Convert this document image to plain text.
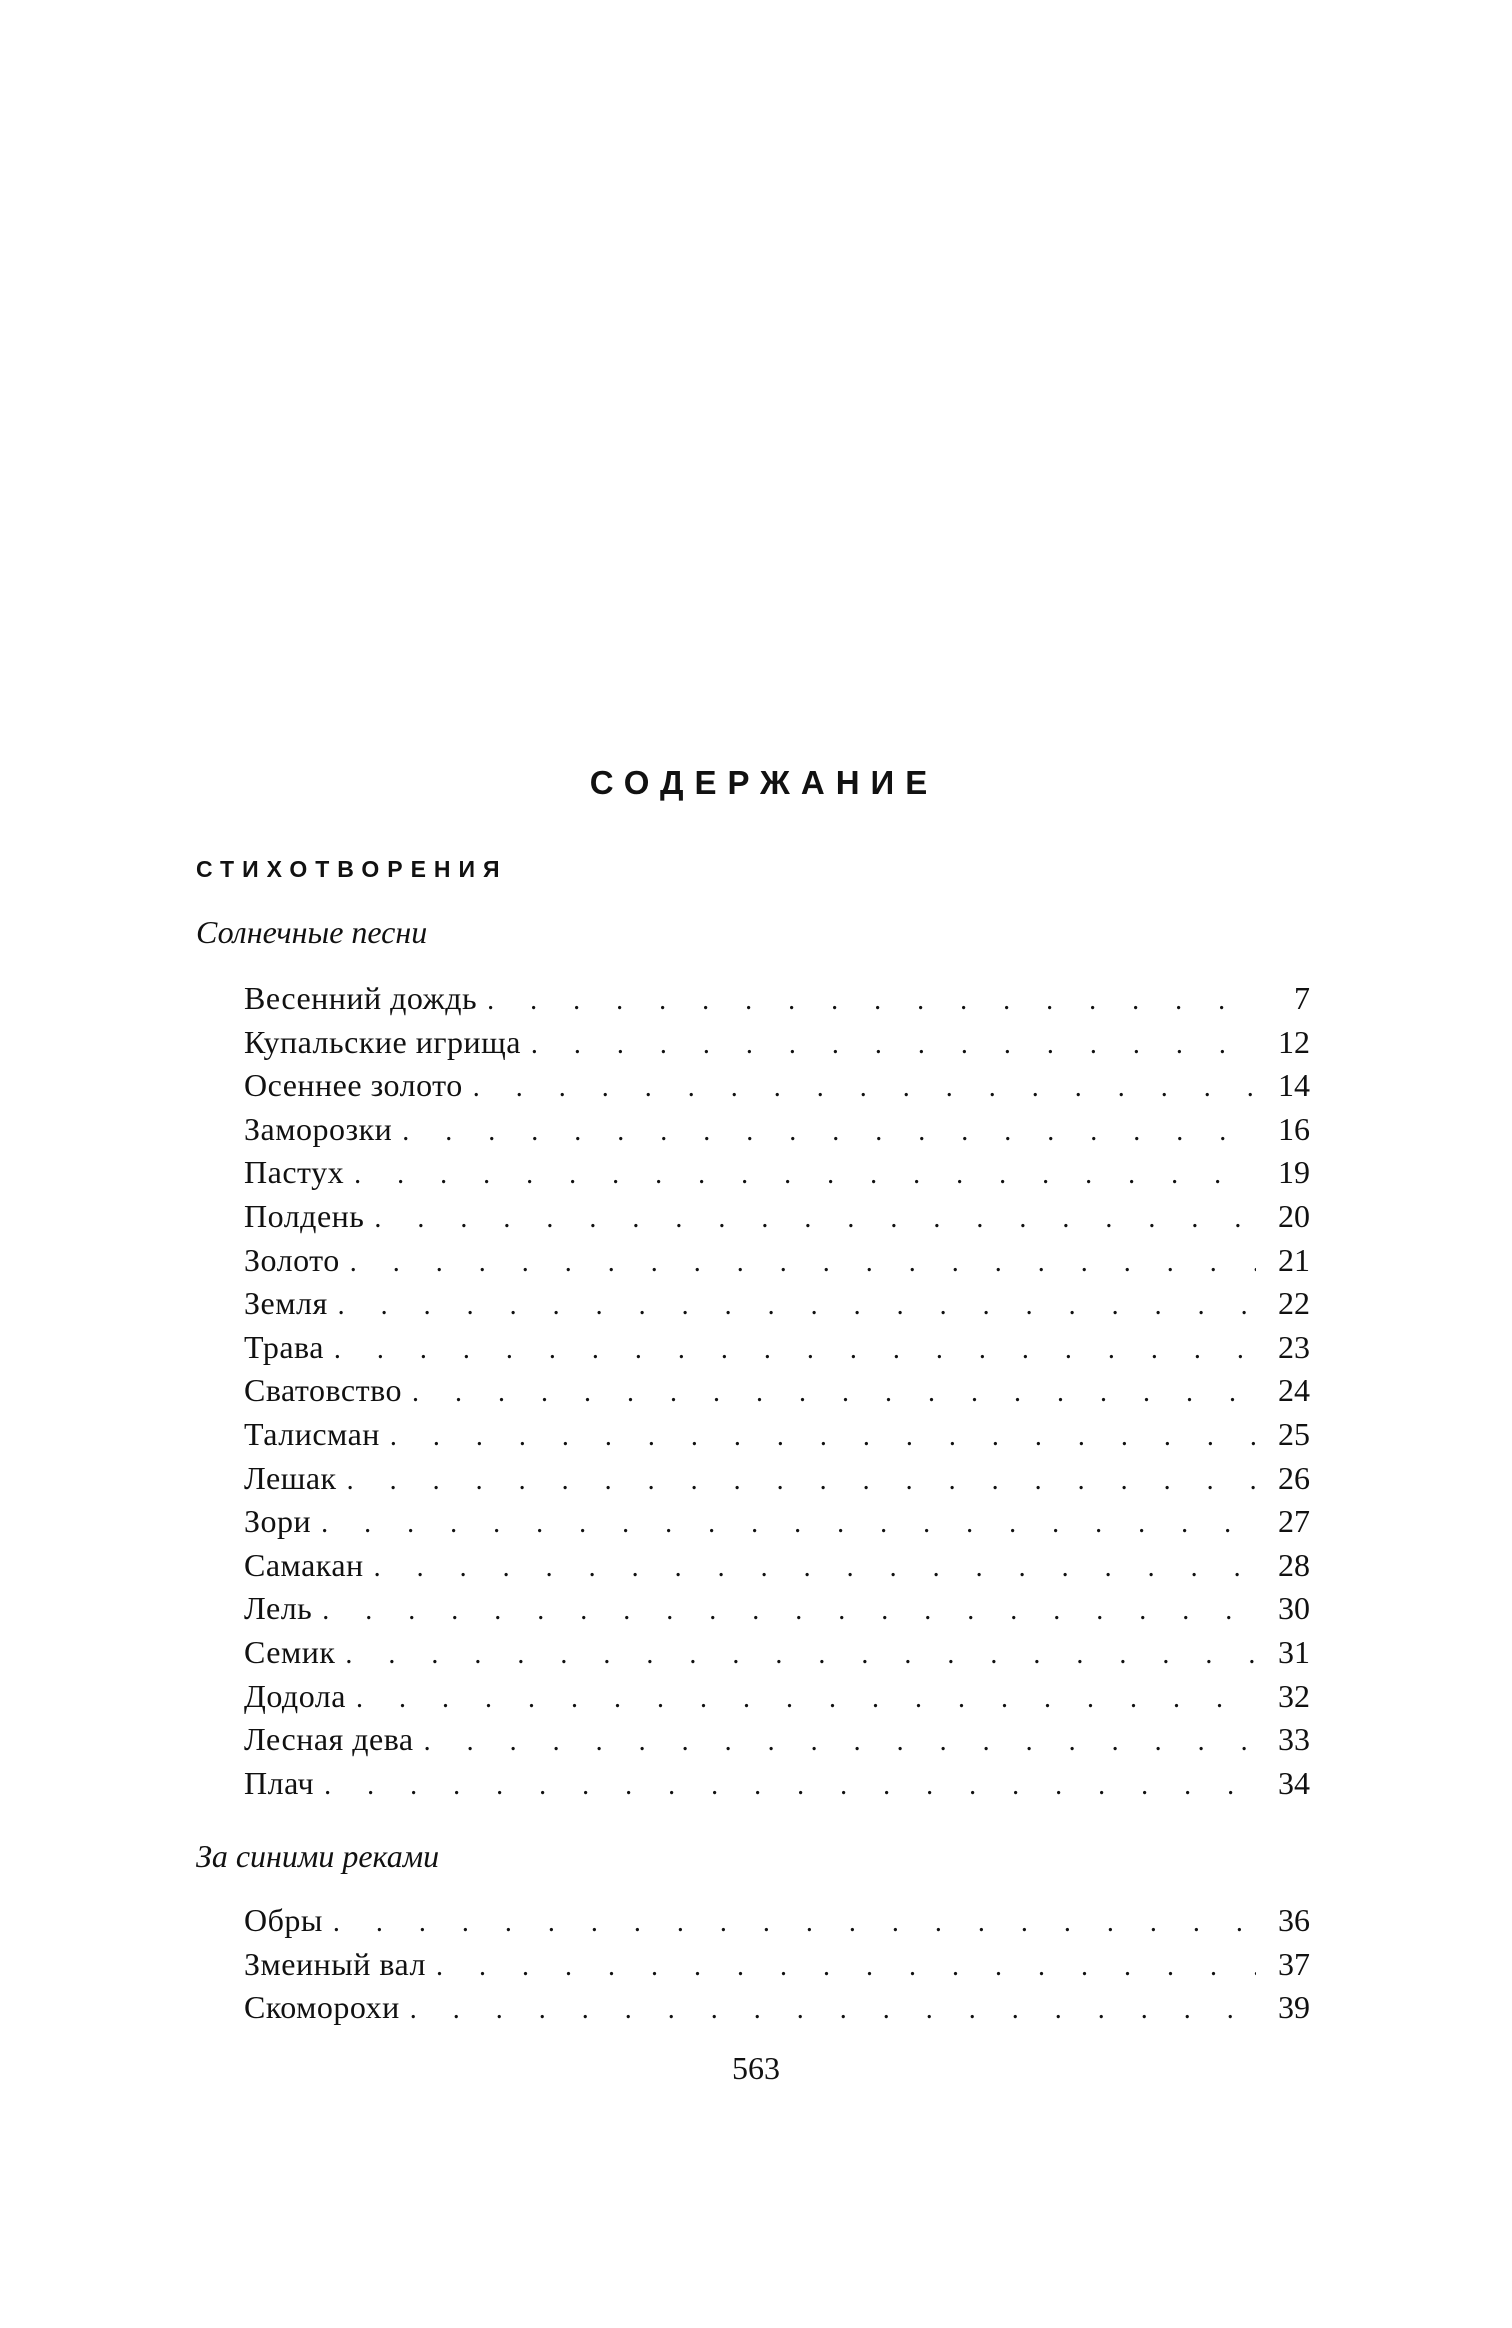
СОДЕРЖАНИЕ
СТИХОТВОРЕНИЯ
Солнечные песни
Весенний дождь . . .	7
Купальские игрища . . .	12
Осеннее золото . . .	14
Заморозки . . .	16
Пастух . . .	19
Полдень . . .	20
Золото . . .	21
Земля . . .	22
Трава . . .	23
Сватовство . . .	24
Талисман . . .	25
Лешак . . .	26
Зори . . .	27
Самакан . . .	28
Лель . . .	30
Семик . . .	31
Додола . . .	32
Лесная дева . . .	33
Плач . . .	34
За синими реками
Обры . . .	36
Змеиный вал . . .	37
Скоморохи . . .	39
563
